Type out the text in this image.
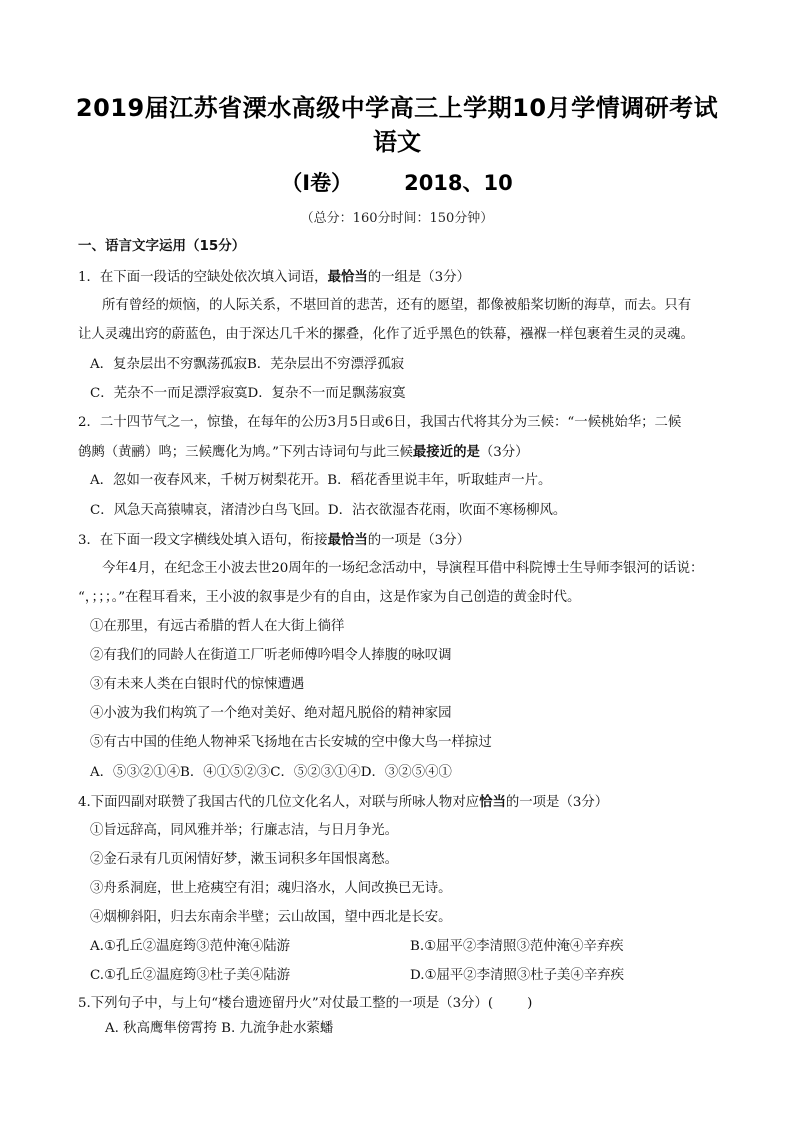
2019届江苏省溧水高级中学高三上学期10月学情调研考试
语文
（Ⅰ卷） 2018、10
（总分：160分时间：150分钟）
一、语言文字运用（15分）
1．在下面一段话的空缺处依次填入词语，最恰当的一组是（3分）
所有曾经的烦恼，的人际关系，不堪回首的悲苦，还有的愿望，都像被船桨切断的海草，而去。只有
让人灵魂出窍的蔚蓝色，由于深达几千米的摞叠，化作了近乎黑色的铁幕，襁褓一样包裹着生灵的灵魂。
A．复杂层出不穷飘荡孤寂B．芜杂层出不穷漂浮孤寂
C．芜杂不一而足漂浮寂寞D．复杂不一而足飘荡寂寞
2．二十四节气之一，惊蛰，在每年的公历3月5日或6日，我国古代将其分为三候：“一候桃始华；二候
鸧鹒（黄鹂）鸣；三候鹰化为鸠。”下列古诗词句与此三候最接近的是（3分）
A．忽如一夜春风来，千树万树梨花开。B．稻花香里说丰年，听取蛙声一片。
C．风急天高猿啸哀，渚清沙白鸟飞回。D．沾衣欲湿杏花雨，吹面不寒杨柳风。
3．在下面一段文字横线处填入语句，衔接最恰当的一项是（3分）
今年4月，在纪念王小波去世20周年的一场纪念活动中，导演程耳借中科院博士生导师李银河的话说：
“，；；；。”在程耳看来，王小波的叙事是少有的自由，这是作家为自己创造的黄金时代。
①在那里，有远古希腊的哲人在大街上徜徉
②有我们的同龄人在街道工厂听老师傅吟唱令人捧腹的咏叹调
③有未来人类在白银时代的惊悚遭遇
④小波为我们构筑了一个绝对美好、绝对超凡脱俗的精神家园
⑤有古中国的佳绝人物神采飞扬地在古长安城的空中像大鸟一样掠过
A．⑤③②①④B．④①⑤②③C．⑤②③①④D．③②⑤④①
4.下面四副对联赞了我国古代的几位文化名人，对联与所咏人物对应恰当的一项是（3分）
①旨远辞高，同风雅并举；行廉志洁，与日月争光。
②金石录有几页闲情好梦，漱玉词积多年国恨离愁。
③舟系洞庭，世上疮痍空有泪；魂归洛水，人间改换已无诗。
④烟柳斜阳，归去东南余半壁；云山故国，望中西北是长安。
A.①孔丘②温庭筠③范仲淹④陆游	B.①屈平②李清照③范仲淹④辛弃疾
C.①孔丘②温庭筠③杜子美④陆游	D.①屈平②李清照③杜子美④辛弃疾
5.下列句子中，与上句“楼台遗迹留丹火”对仗最工整的一项是（3分）(	)
A. 秋高鹰隼傍霄挎 B. 九流争赴水萦蟠
